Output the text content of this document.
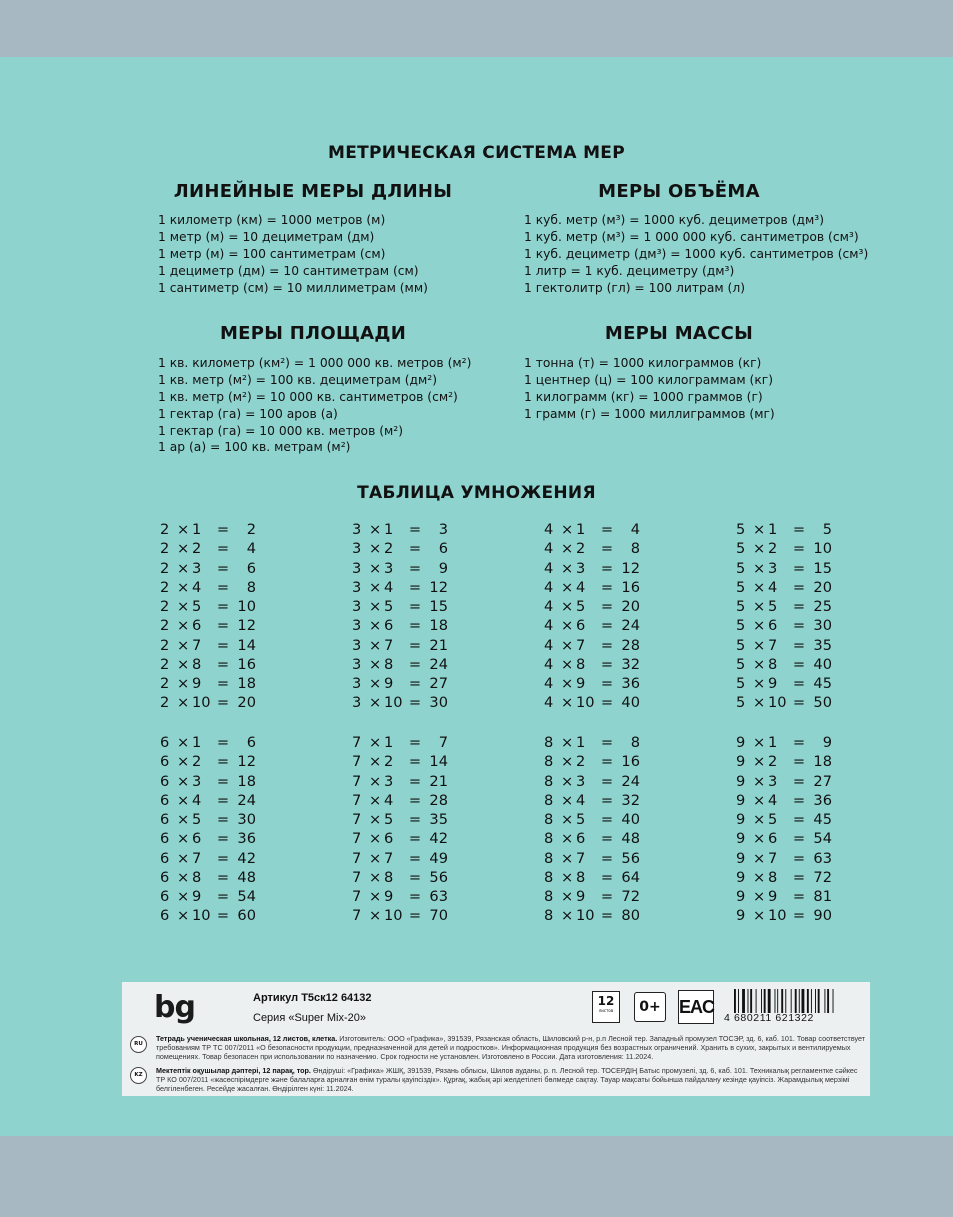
МЕТРИЧЕСКАЯ СИСТЕМА МЕР
ЛИНЕЙНЫЕ МЕРЫ ДЛИНЫ
1 километр (км) = 1000 метров (м)
1 метр (м) = 10 дециметрам (дм)
1 метр (м) = 100 сантиметрам (см)
1 дециметр (дм) = 10 сантиметрам (см)
1 сантиметр (см) = 10 миллиметрам (мм)
МЕРЫ ОБЪЁМА
1 куб. метр (м³) = 1000 куб. дециметров (дм³)
1 куб. метр (м³) = 1 000 000 куб. сантиметров (см³)
1 куб. дециметр (дм³) = 1000 куб. сантиметров (см³)
1 литр = 1 куб. дециметру (дм³)
1 гектолитр (гл) = 100 литрам (л)
МЕРЫ ПЛОЩАДИ
1 кв. километр (км²) = 1 000 000 кв. метров (м²)
1 кв. метр (м²) = 100 кв. дециметрам (дм²)
1 кв. метр (м²) = 10 000 кв. сантиметров (см²)
1 гектар (га) = 100 аров (а)
1 гектар (га) = 10 000 кв. метров (м²)
1 ар (а) = 100 кв. метрам (м²)
МЕРЫ МАССЫ
1 тонна (т) = 1000 килограммов (кг)
1 центнер (ц) = 100 килограммам (кг)
1 килограмм (кг) = 1000 граммов (г)
1 грамм (г) = 1000 миллиграммов (мг)
ТАБЛИЦА УМНОЖЕНИЯ
2 × 1	=	2
2 × 2	=	4
2 × 3	=	6
2 × 4	=	8
2 × 5	= 10
2 × 6	= 12
2 × 7	= 14
2 × 8	= 16
2 × 9	= 18
2 × 10 = 20
3 × 1	=	3
3 × 2	=	6
3 × 3	=	9
3 × 4	= 12
3 × 5	= 15
3 × 6	= 18
3 × 7	= 21
3 × 8	= 24
3 × 9	= 27
3 × 10 = 30
4 × 1	=	4
4 × 2	=	8
4 × 3	= 12
4 × 4	= 16
4 × 5	= 20
4 × 6	= 24
4 × 7	= 28
4 × 8	= 32
4 × 9	= 36
4 × 10 = 40
5 × 1	=	5
5 × 2	= 10
5 × 3	= 15
5 × 4	= 20
5 × 5	= 25
5 × 6	= 30
5 × 7	= 35
5 × 8	= 40
5 × 9	= 45
5 × 10 = 50
6 × 1	=	6
6 × 2	= 12
6 × 3	= 18
6 × 4	= 24
6 × 5	= 30
6 × 6	= 36
6 × 7	= 42
6 × 8	= 48
6 × 9	= 54
6 × 10 = 60
7 × 1	=	7
7 × 2	= 14
7 × 3	= 21
7 × 4	= 28
7 × 5	= 35
7 × 6	= 42
7 × 7	= 49
7 × 8	= 56
7 × 9	= 63
7 × 10 = 70
8 × 1	=	8
8 × 2	= 16
8 × 3	= 24
8 × 4	= 32
8 × 5	= 40
8 × 6	= 48
8 × 7	= 56
8 × 8	= 64
8 × 9	= 72
8 × 10 = 80
9 × 1	=	9
9 × 2	= 18
9 × 3	= 27
9 × 4	= 36
9 × 5	= 45
9 × 6	= 54
9 × 7	= 63
9 × 8	= 72
9 × 9	= 81
9 × 10 = 90
bg	Артикул Т5ск12 64132
Серия «Super Mix-20»
12
листов	0+ EAC
4 680211 621322
RU
Тетрадь ученическая школьная, 12 листов, клетка. Изготовитель: ООО «Графика», 391539, Рязанская область, Шиловский р-н, р.п Лесной тер. Западный промузел ТОСЭР, зд. 6, каб. 101. Товар соответствует требованиям ТР ТС 007/2011 «О безопасности продукции, предназначенной для детей и подростков». Информационная продукция без возрастных ограничений. Хранить в сухих, закрытых и вентилируемых помещениях. Товар безопасен при использовании по назначению. Срок годности не установлен. Изготовлено в России. Дата изготовления: 11.2024.
KZ	Мектептік оқушылар дәптері, 12 парақ, тор. Өндіруші: «Графика» ЖШҚ, 391539, Рязань облысы, Шилов ауданы, р. п. Лесной тер. ТОСЕРДІҢ Батыс промузелі, зд. 6, каб. 101. Техникалық регламентке сәйкес ТР КО 007/2011 «жасөспірімдерге және балаларға арналған өнім туралы қауіпсіздік». Құрғақ, жабық әрі желдетілеті бөлмеде сақтау. Тауар мақсаты бойынша пайдалану кезінде қауіпсіз. Жарамдылық мерзімі белгіленбеген. Ресейде жасалған. Өндірілген күні: 11.2024.
